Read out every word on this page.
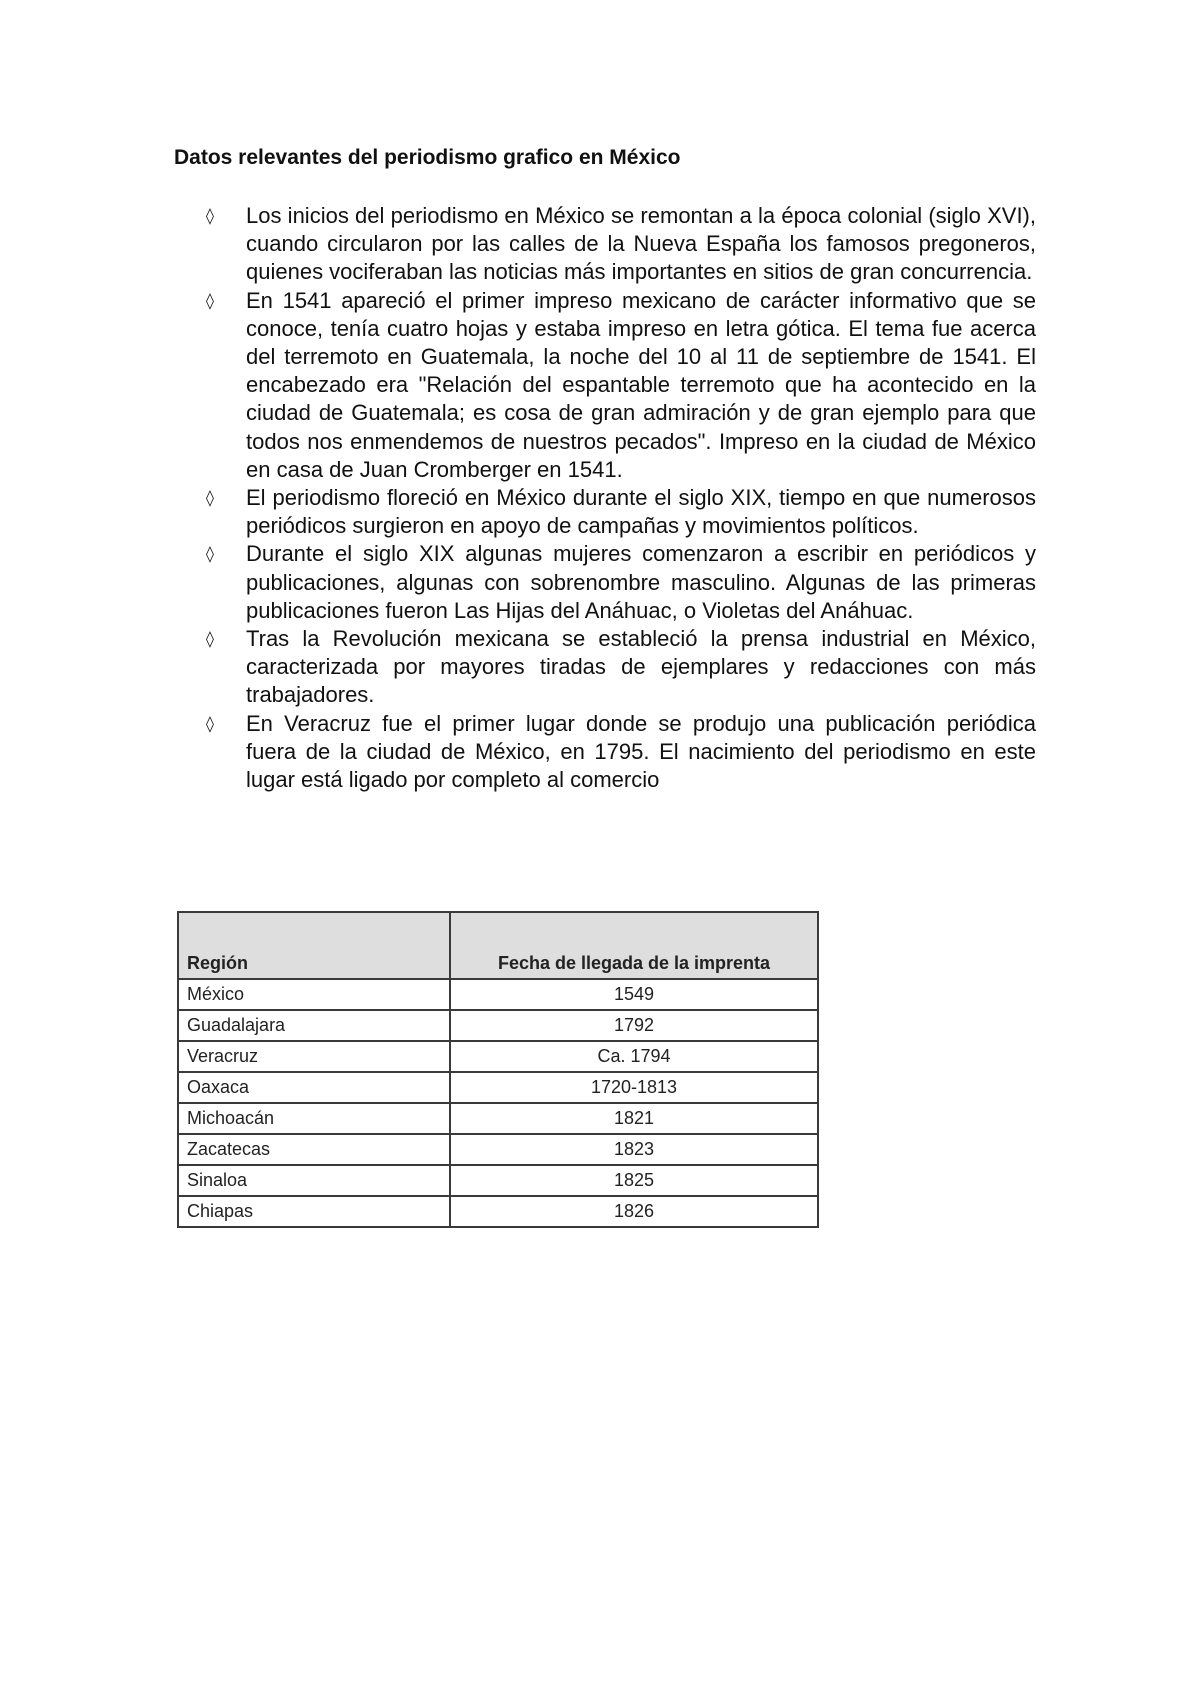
Datos relevantes del periodismo grafico en México
◊ Los inicios del periodismo en México se remontan a la época colonial (siglo XVI), cuando circularon por las calles de la Nueva España los famosos pregoneros, quienes vociferaban las noticias más importantes en sitios de gran concurrencia.
◊ En 1541 apareció el primer impreso mexicano de carácter informativo que se conoce, tenía cuatro hojas y estaba impreso en letra gótica. El tema fue acerca del terremoto en Guatemala, la noche del 10 al 11 de septiembre de 1541. El encabezado era "Relación del espantable terremoto que ha acontecido en la ciudad de Guatemala; es cosa de gran admiración y de gran ejemplo para que todos nos enmendemos de nuestros pecados". Impreso en la ciudad de México en casa de Juan Cromberger en 1541.
◊ El periodismo floreció en México durante el siglo XIX, tiempo en que numerosos periódicos surgieron en apoyo de campañas y movimientos políticos.
◊ Durante el siglo XIX algunas mujeres comenzaron a escribir en periódicos y publicaciones, algunas con sobrenombre masculino. Algunas de las primeras publicaciones fueron Las Hijas del Anáhuac, o Violetas del Anáhuac.
◊ Tras la Revolución mexicana se estableció la prensa industrial en México, caracterizada por mayores tiradas de ejemplares y redacciones con más trabajadores.
◊ En Veracruz fue el primer lugar donde se produjo una publicación periódica fuera de la ciudad de México, en 1795. El nacimiento del periodismo en este lugar está ligado por completo al comercio
Región	Fecha de llegada de la imprenta
México	1549
Guadalajara	1792
Veracruz	Ca. 1794
Oaxaca	1720-1813
Michoacán	1821
Zacatecas	1823
Sinaloa	1825
Chiapas	1826
